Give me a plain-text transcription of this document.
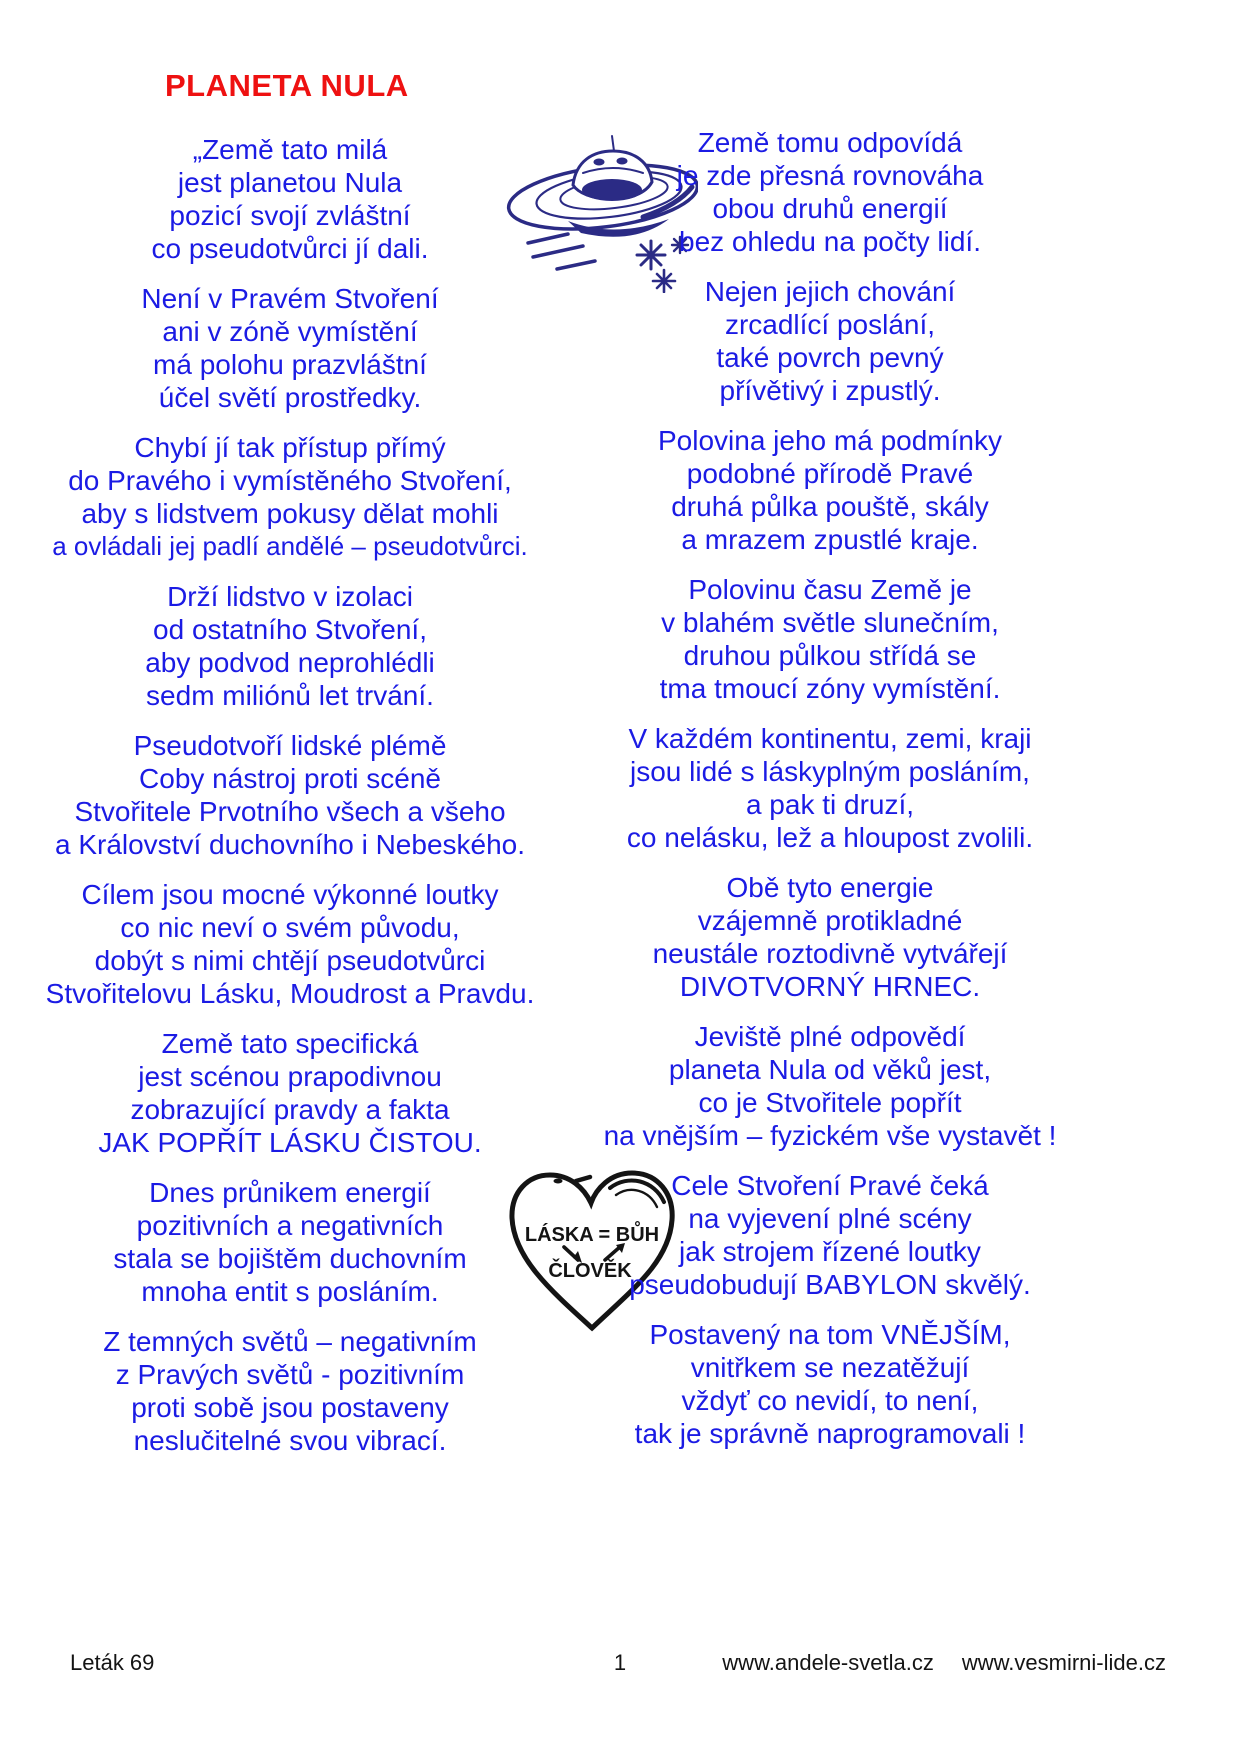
PLANETA NULA
LÁSKA = BŮH
ČLOVĚK
„Země tato milá
jest planetou Nula
pozicí svojí zvláštní
co pseudotvůrci jí dali.
Není v Pravém Stvoření
ani v zóně vymístění
má polohu prazvláštní
účel světí prostředky.
Chybí jí tak přístup přímý
do Pravého i vymístěného Stvoření,
aby s lidstvem pokusy dělat mohli
a ovládali jej padlí andělé – pseudotvůrci.
Drží lidstvo v izolaci
od ostatního Stvoření,
aby podvod neprohlédli
sedm miliónů let trvání.
Pseudotvoří lidské plémě
Coby nástroj proti scéně
Stvořitele Prvotního všech a všeho
a Království duchovního i Nebeského.
Cílem jsou mocné výkonné loutky
co nic neví o svém původu,
dobýt s nimi chtějí pseudotvůrci
Stvořitelovu Lásku, Moudrost a Pravdu.
Země tato specifická
jest scénou prapodivnou
zobrazující pravdy a fakta
JAK POPŘÍT LÁSKU ČISTOU.
Dnes průnikem energií
pozitivních a negativních
stala se bojištěm duchovním
mnoha entit s posláním.
Z temných světů – negativním
z Pravých světů - pozitivním
proti sobě jsou postaveny
neslučitelné svou vibrací.
Země tomu odpovídá
je zde přesná rovnováha
obou druhů energií
bez ohledu na počty lidí.
Nejen jejich chování
zrcadlící poslání,
také povrch pevný
přívětivý i zpustlý.
Polovina jeho má podmínky
podobné přírodě Pravé
druhá půlka pouště, skály
a mrazem zpustlé kraje.
Polovinu času Země je
v blahém světle slunečním,
druhou půlkou střídá se
tma tmoucí zóny vymístění.
V každém kontinentu, zemi, kraji
jsou lidé s láskyplným posláním,
a pak ti druzí,
co nelásku, lež a hloupost zvolili.
Obě tyto energie
vzájemně protikladné
neustále roztodivně vytvářejí
DIVOTVORNÝ HRNEC.
Jeviště plné odpovědí
planeta Nula od věků jest,
co je Stvořitele popřít
na vnějším – fyzickém vše vystavět !
Cele Stvoření Pravé čeká
na vyjevení plné scény
jak strojem řízené loutky
pseudobudují BABYLON skvělý.
Postavený na tom VNĚJŠÍM,
vnitřkem se nezatěžují
vždyť co nevidí, to není,
tak je správně naprogramovali !
Leták 69	1	www.andele-svetla.cz www.vesmirni-lide.cz
